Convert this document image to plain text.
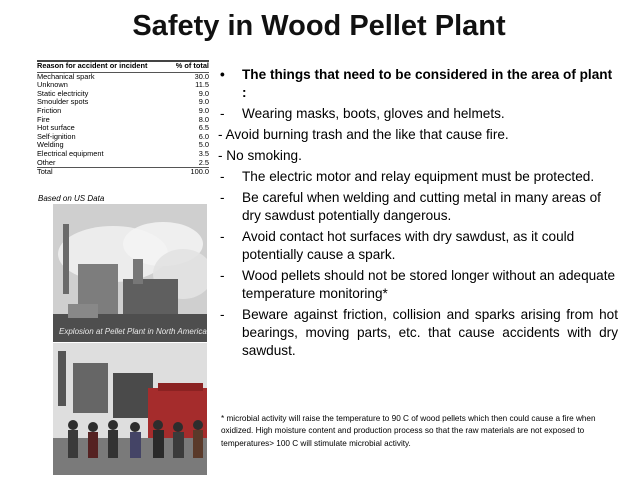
Safety in Wood Pellet Plant
Reason for accident or incident	% of total
Mechanical spark	30.0
Unknown	11.5
Static electricity	9.0
Smoulder spots	9.0
Friction	9.0
Fire	8.0
Hot surface	6.5
Self-ignition	6.0
Welding	5.0
Electrical equipment	3.5
Other	2.5
Total	100.0
Based on US Data
Explosion at Pellet Plant in North America
• The things that need to be considered in the area of plant :
- Wearing masks, boots, gloves and helmets.
- Avoid burning trash and the like that cause fire.
- No smoking.
- The electric motor and relay equipment must be protected.
- Be careful when welding and cutting metal in many areas of dry sawdust potentially dangerous.
- Avoid contact hot surfaces with dry sawdust, as it could potentially cause a spark.
- Wood pellets should not be stored longer without an adequate temperature monitoring*
- Beware against friction, collision and sparks arising from hot bearings, moving parts, etc. that cause accidents with dry sawdust.
* microbial activity will raise the temperature to 90 C of wood pellets which then could cause a fire when oxidized. High moisture content and production process so that the raw materials are not exposed to temperatures> 100 C will stimulate microbial activity.
